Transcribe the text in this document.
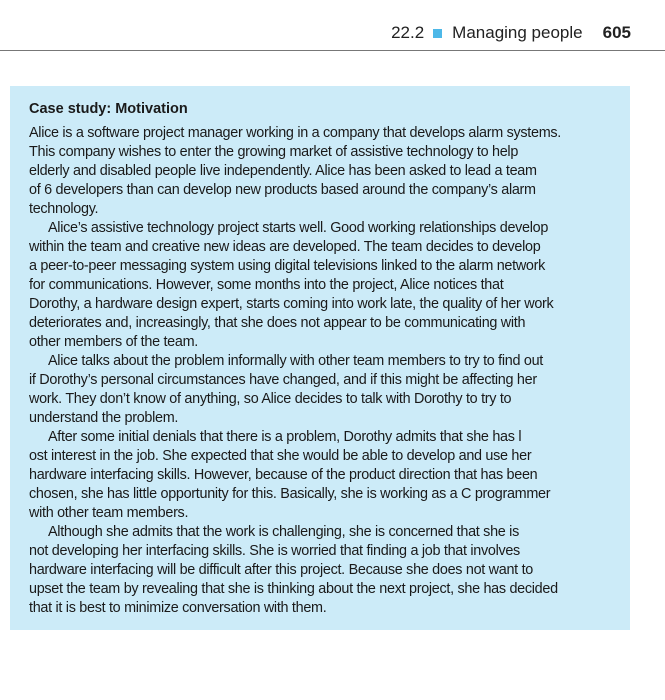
22.2 Managing people 605
Case study: Motivation

Alice is a software project manager working in a company that develops alarm systems.
This company wishes to enter the growing market of assistive technology to help
elderly and disabled people live independently. Alice has been asked to lead a team
of 6 developers than can develop new products based around the company’s alarm
technology.

Alice’s assistive technology project starts well. Good working relationships develop
within the team and creative new ideas are developed. The team decides to develop
a peer-to-peer messaging system using digital televisions linked to the alarm network
for communications. However, some months into the project, Alice notices that
Dorothy, a hardware design expert, starts coming into work late, the quality of her work
deteriorates and, increasingly, that she does not appear to be communicating with
other members of the team.

Alice talks about the problem informally with other team members to try to find out
if Dorothy’s personal circumstances have changed, and if this might be affecting her
work. They don’t know of anything, so Alice decides to talk with Dorothy to try to
understand the problem.

After some initial denials that there is a problem, Dorothy admits that she has l
ost interest in the job. She expected that she would be able to develop and use her
hardware interfacing skills. However, because of the product direction that has been
chosen, she has little opportunity for this. Basically, she is working as a C programmer
with other team members.

Although she admits that the work is challenging, she is concerned that she is
not developing her interfacing skills. She is worried that finding a job that involves
hardware interfacing will be difficult after this project. Because she does not want to
upset the team by revealing that she is thinking about the next project, she has decided
that it is best to minimize conversation with them.
